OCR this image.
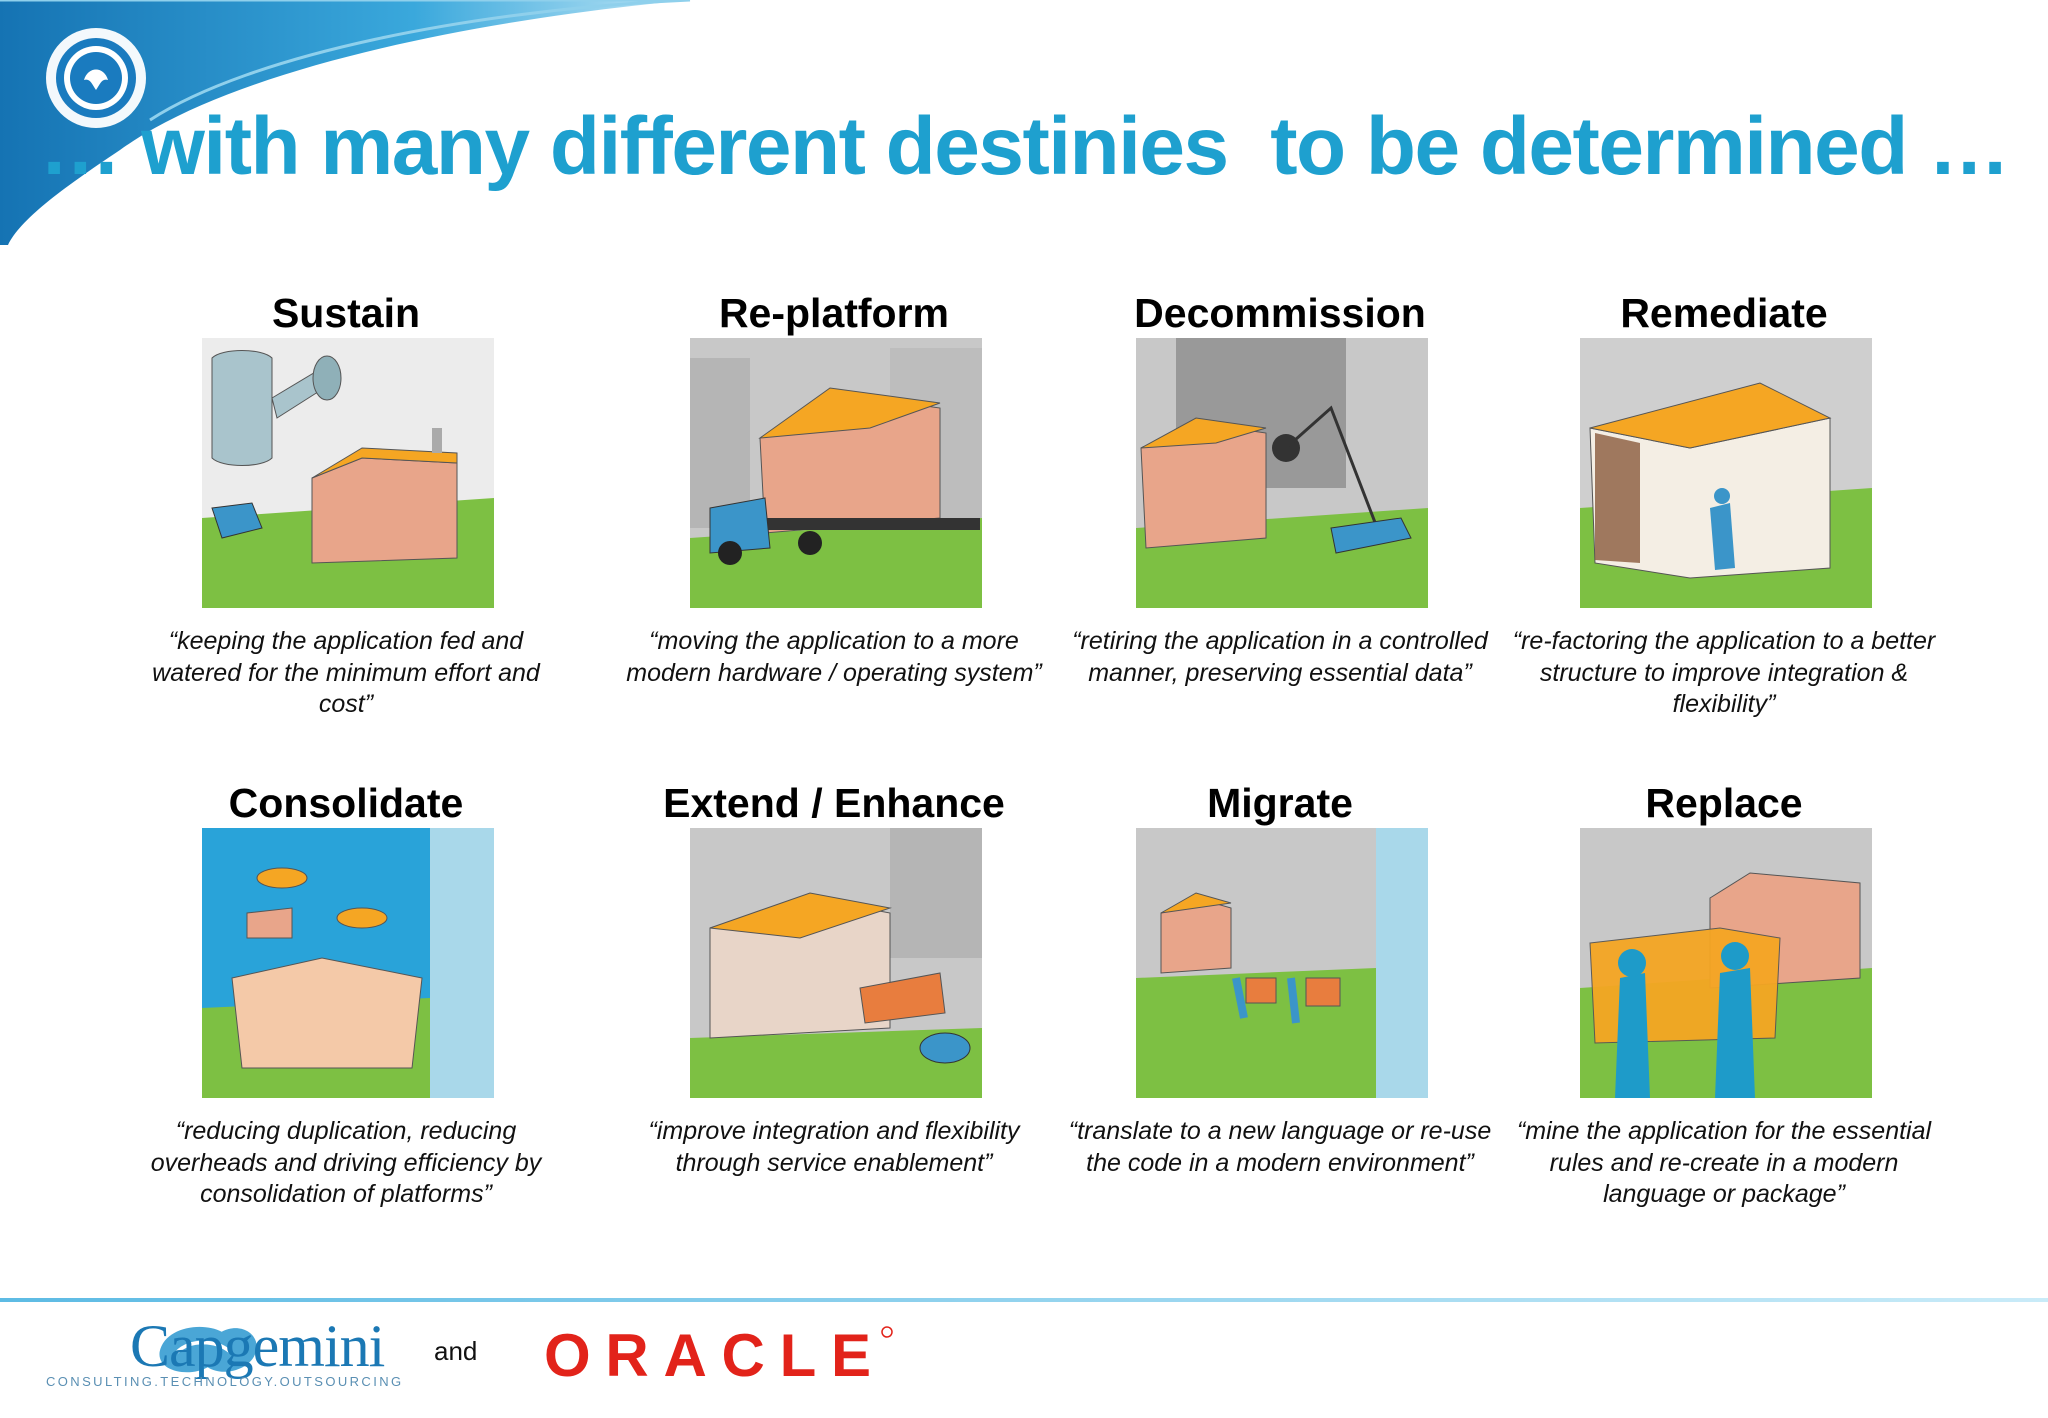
… with many different destinies  to be determined …
Sustain
“keeping the application fed and watered for the minimum effort and cost”
Re-platform
“moving the application to a more modern hardware / operating system”
Decommission
“retiring the application in a controlled manner, preserving essential data”
Remediate
“re-factoring the application to a better structure to improve integration & flexibility”
Consolidate
“reducing duplication, reducing overheads and driving efficiency by consolidation of platforms”
Extend / Enhance
“improve integration and flexibility through service enablement”
Migrate
“translate to a new language or re-use the code in a modern environment”
Replace
“mine the application for the essential rules and re-create in a modern language or package”
Capgemini
CONSULTING.TECHNOLOGY.OUTSOURCING
and ORACLE
